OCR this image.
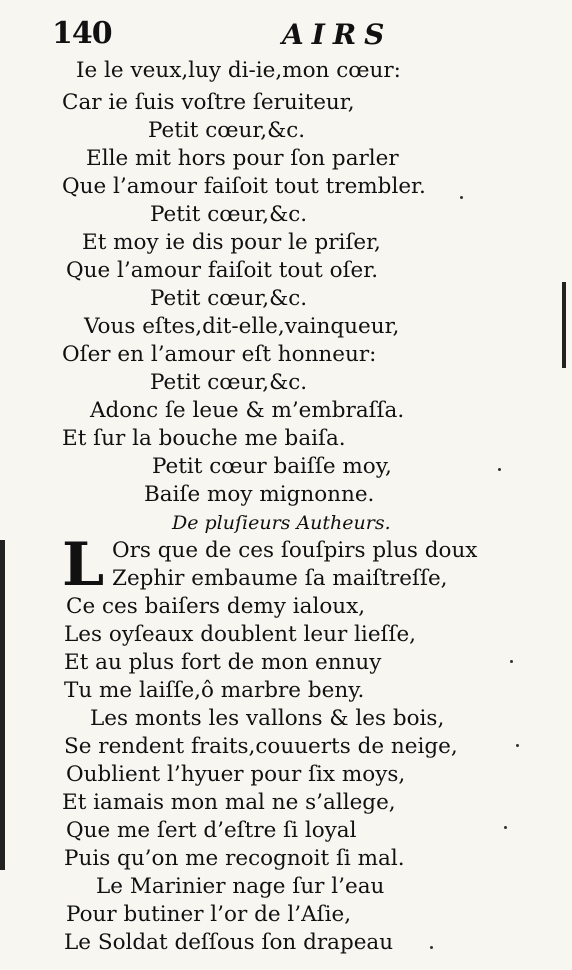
140	AIRS
Ie le veux,luy di-ie,mon cœur:
Car ie ſuis voſtre ſeruiteur,
Petit cœur,&c.
Elle mit hors pour ſon parler
Que l’amour faiſoit tout trembler.
Petit cœur,&c.
Et moy ie dis pour le priſer,
Que l’amour faiſoit tout oſer.
Petit cœur,&c.
Vous eſtes,dit-elle,vainqueur,
Oſer en l’amour eſt honneur:
Petit cœur,&c.
Adonc ſe leue & m’embraſſa.
Et ſur la bouche me baiſa.
Petit cœur baiſſe moy,
Baiſe moy mignonne.
De pluſieurs Autheurs.
L Ors que de ces ſouſpirs plus doux
Zephir embaume ſa maiſtreſſe,
Ce ces baiſers demy ialoux,
Les oyſeaux doublent leur lieſſe,
Et au plus fort de mon ennuy
Tu me laiſſe,ô marbre beny.
Les monts les vallons & les bois,
Se rendent fraits,couuerts de neige,
Oublient l’hyuer pour ſix moys,
Et iamais mon mal ne s’allege,
Que me ſert d’eſtre ſi loyal
Puis qu’on me recognoit ſi mal.
Le Marinier nage ſur l’eau
Pour butiner l’or de l’Aſie,
Le Soldat deſſous ſon drapeau
